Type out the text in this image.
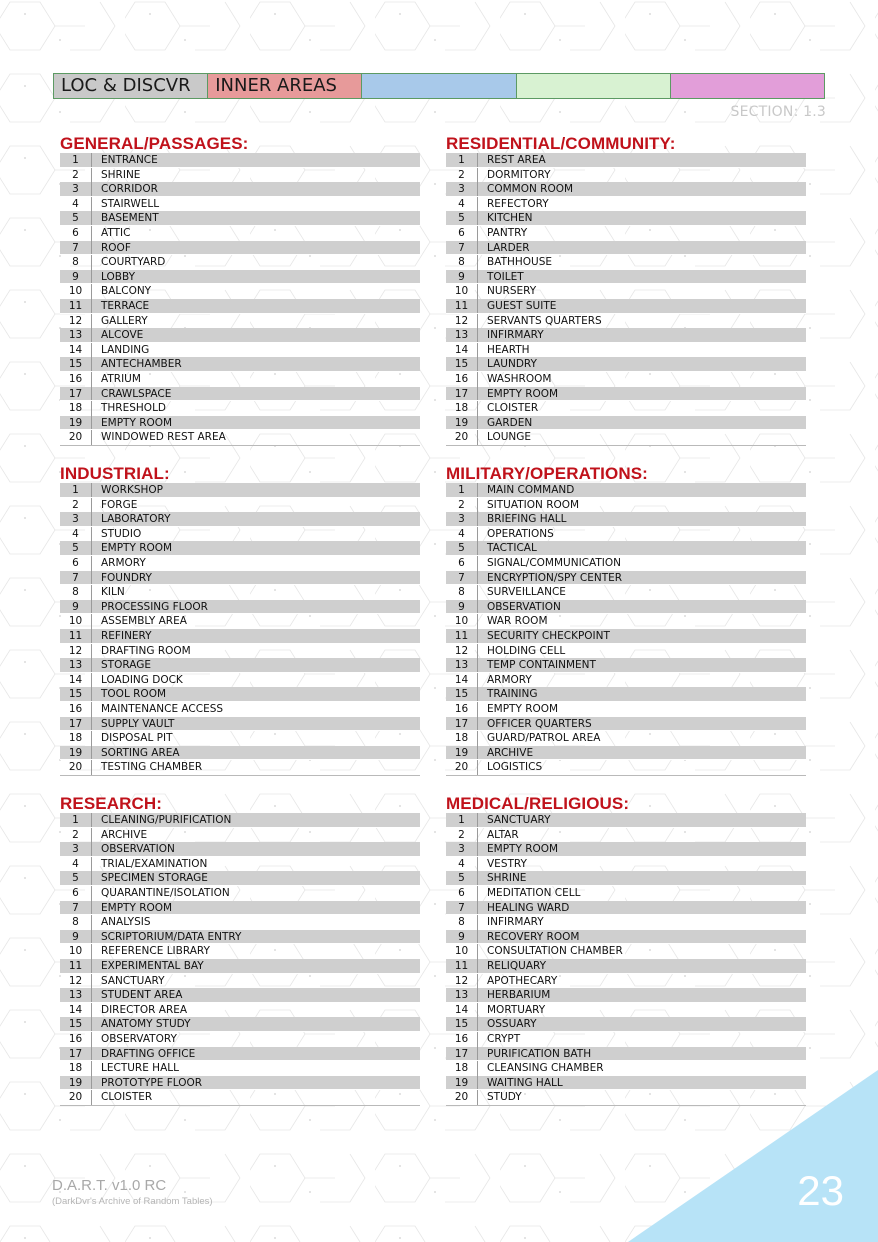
LOC & DISCVR	INNER AREAS
SECTION: 1.3
GENERAL/PASSAGES:
1	ENTRANCE
2	SHRINE
3	CORRIDOR
4	STAIRWELL
5	BASEMENT
6	ATTIC
7	ROOF
8	COURTYARD
9	LOBBY
10	BALCONY
11	TERRACE
12	GALLERY
13	ALCOVE
14	LANDING
15	ANTECHAMBER
16	ATRIUM
17	CRAWLSPACE
18	THRESHOLD
19	EMPTY ROOM
20	WINDOWED REST AREA
RESIDENTIAL/COMMUNITY:
1	REST AREA
2	DORMITORY
3	COMMON ROOM
4	REFECTORY
5	KITCHEN
6	PANTRY
7	LARDER
8	BATHHOUSE
9	TOILET
10	NURSERY
11	GUEST SUITE
12	SERVANTS QUARTERS
13	INFIRMARY
14	HEARTH
15	LAUNDRY
16	WASHROOM
17	EMPTY ROOM
18	CLOISTER
19	GARDEN
20	LOUNGE
INDUSTRIAL:
1	WORKSHOP
2	FORGE
3	LABORATORY
4	STUDIO
5	EMPTY ROOM
6	ARMORY
7	FOUNDRY
8	KILN
9	PROCESSING FLOOR
10	ASSEMBLY AREA
11	REFINERY
12	DRAFTING ROOM
13	STORAGE
14	LOADING DOCK
15	TOOL ROOM
16	MAINTENANCE ACCESS
17	SUPPLY VAULT
18	DISPOSAL PIT
19	SORTING AREA
20	TESTING CHAMBER
MILITARY/OPERATIONS:
1	MAIN COMMAND
2	SITUATION ROOM
3	BRIEFING HALL
4	OPERATIONS
5	TACTICAL
6	SIGNAL/COMMUNICATION
7	ENCRYPTION/SPY CENTER
8	SURVEILLANCE
9	OBSERVATION
10	WAR ROOM
11	SECURITY CHECKPOINT
12	HOLDING CELL
13	TEMP CONTAINMENT
14	ARMORY
15	TRAINING
16	EMPTY ROOM
17	OFFICER QUARTERS
18	GUARD/PATROL AREA
19	ARCHIVE
20	LOGISTICS
RESEARCH:
1	CLEANING/PURIFICATION
2	ARCHIVE
3	OBSERVATION
4	TRIAL/EXAMINATION
5	SPECIMEN STORAGE
6	QUARANTINE/ISOLATION
7	EMPTY ROOM
8	ANALYSIS
9	SCRIPTORIUM/DATA ENTRY
10	REFERENCE LIBRARY
11	EXPERIMENTAL BAY
12	SANCTUARY
13	STUDENT AREA
14	DIRECTOR AREA
15	ANATOMY STUDY
16	OBSERVATORY
17	DRAFTING OFFICE
18	LECTURE HALL
19	PROTOTYPE FLOOR
20	CLOISTER
MEDICAL/RELIGIOUS:
1	SANCTUARY
2	ALTAR
3	EMPTY ROOM
4	VESTRY
5	SHRINE
6	MEDITATION CELL
7	HEALING WARD
8	INFIRMARY
9	RECOVERY ROOM
10	CONSULTATION CHAMBER
11	RELIQUARY
12	APOTHECARY
13	HERBARIUM
14	MORTUARY
15	OSSUARY
16	CRYPT
17	PURIFICATION BATH
18	CLEANSING CHAMBER
19	WAITING HALL
20	STUDY
D.A.R.T. v1.0 RC
(DarkDvr's Archive of Random Tables)	23
